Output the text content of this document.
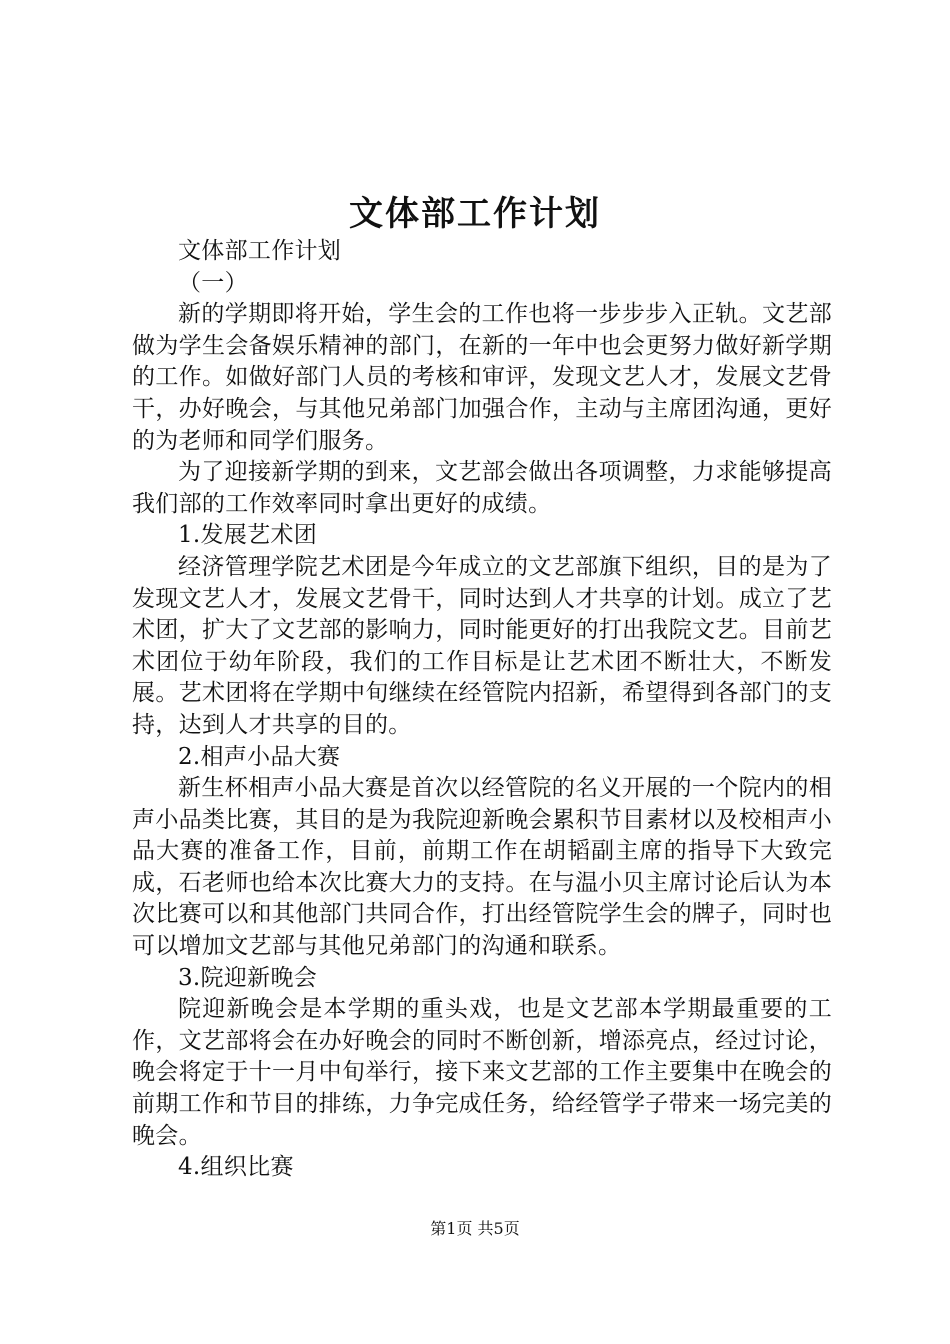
文体部工作计划

文体部工作计划

（一）

新的学期即将开始，学生会的工作也将一步步步入正轨。文艺部做为学生会备娱乐精神的部门，在新的一年中也会更努力做好新学期的工作。如做好部门人员的考核和审评，发现文艺人才，发展文艺骨干，办好晚会，与其他兄弟部门加强合作，主动与主席团沟通，更好的为老师和同学们服务。

为了迎接新学期的到来，文艺部会做出各项调整，力求能够提高我们部的工作效率同时拿出更好的成绩。

1.发展艺术团

经济管理学院艺术团是今年成立的文艺部旗下组织，目的是为了发现文艺人才，发展文艺骨干，同时达到人才共享的计划。成立了艺术团，扩大了文艺部的影响力，同时能更好的打出我院文艺。目前艺术团位于幼年阶段，我们的工作目标是让艺术团不断壮大，不断发展。艺术团将在学期中旬继续在经管院内招新，希望得到各部门的支持，达到人才共享的目的。

2.相声小品大赛

新生杯相声小品大赛是首次以经管院的名义开展的一个院内的相声小品类比赛，其目的是为我院迎新晚会累积节目素材以及校相声小品大赛的准备工作，目前，前期工作在胡韬副主席的指导下大致完成，石老师也给本次比赛大力的支持。在与温小贝主席讨论后认为本次比赛可以和其他部门共同合作，打出经管院学生会的牌子，同时也可以增加文艺部与其他兄弟部门的沟通和联系。

3.院迎新晚会

院迎新晚会是本学期的重头戏，也是文艺部本学期最重要的工作，文艺部将会在办好晚会的同时不断创新，增添亮点，经过讨论，晚会将定于十一月中旬举行，接下来文艺部的工作主要集中在晚会的前期工作和节目的排练，力争完成任务，给经管学子带来一场完美的晚会。

4.组织比赛

第1页 共5页
